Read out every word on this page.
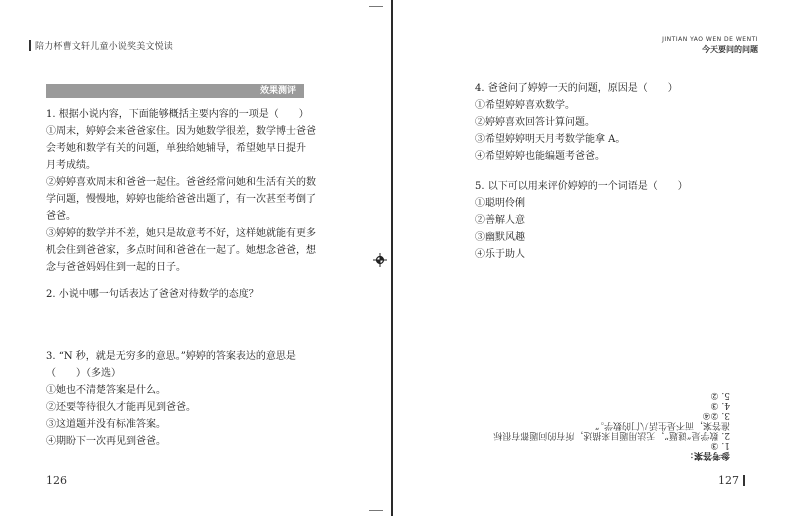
陪力杯曹文轩儿童小说奖美文悦读
效果测评
1. 根据小说内容，下面能够概括主要内容的一项是（　　）
①周末，婷婷会来爸爸家住。因为她数学很差，数学博士爸爸
会考她和数学有关的问题，单独给她辅导，希望她早日提升
月考成绩。
②婷婷喜欢周末和爸爸一起住。爸爸经常问她和生活有关的数
学问题，慢慢地，婷婷也能给爸爸出题了，有一次甚至考倒了
爸爸。
③婷婷的数学并不差，她只是故意考不好，这样她就能有更多
机会住到爸爸家，多点时间和爸爸在一起了。她想念爸爸，想
念与爸爸妈妈住到一起的日子。
2. 小说中哪一句话表达了爸爸对待数学的态度？
3. “N 秒，就是无穷多的意思。”婷婷的答案表达的意思是
（　　）（多选）
①她也不清楚答案是什么。
②还要等待很久才能再见到爸爸。
③这道题并没有标准答案。
④期盼下一次再见到爸爸。
126
JINTIAN YAO WEN DE WENTI
今天要问的问题
4. 爸爸问了婷婷一天的问题，原因是（　　）
①希望婷婷喜欢数学。
②婷婷喜欢回答计算问题。
③希望婷婷明天月考数学能拿 A。
④希望婷婷也能编题考爸爸。
5. 以下可以用来评价婷婷的一个词语是（　　）
①聪明伶俐
②善解人意
③幽默风趣
④乐于助人
127
参考答案：
1. ③
2. 数学是“谜题”，无法用题目来描述，所有的问题都有很标准答案，而不是生活八门的数学。”
3. ②④
4. ③
5. ②
